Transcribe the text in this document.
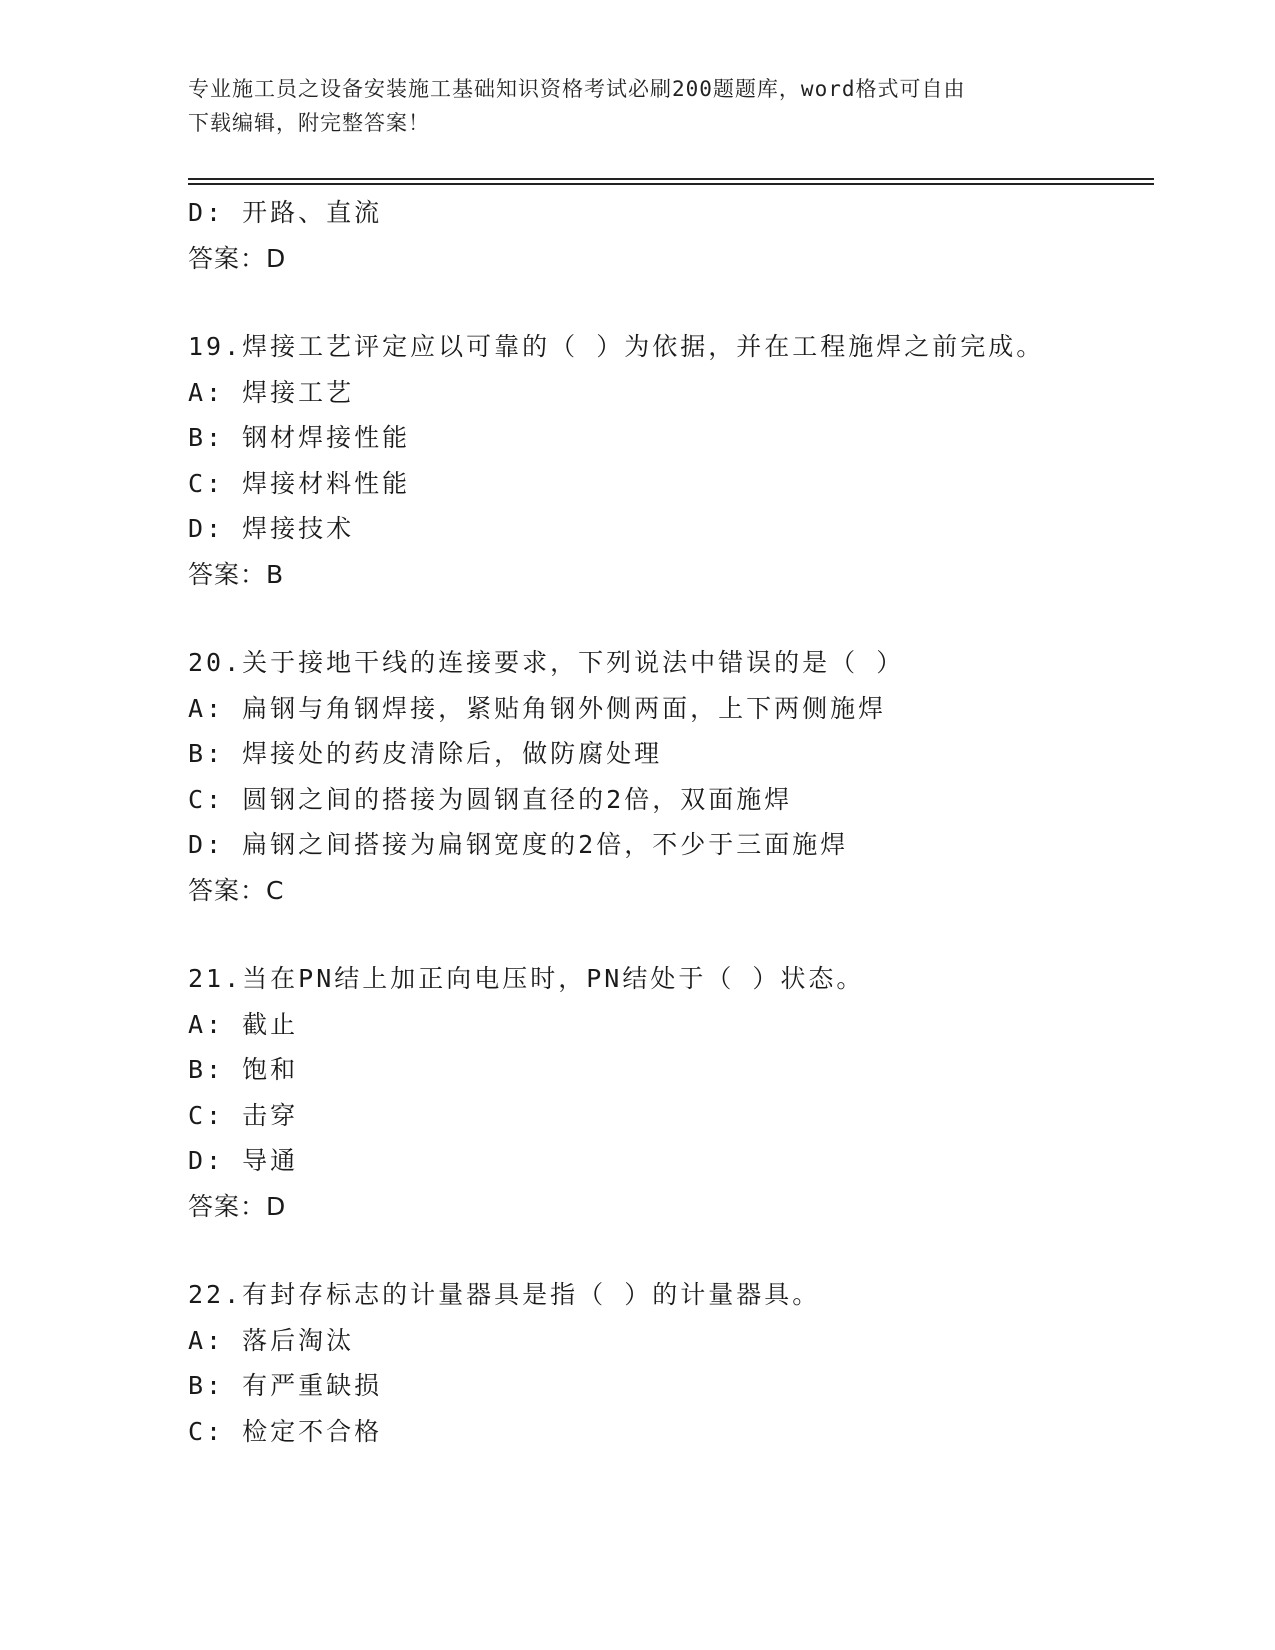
专业施工员之设备安装施工基础知识资格考试必刷200题题库，word格式可自由
下载编辑，附完整答案！
D: 开路、直流
答案：D
19.焊接工艺评定应以可靠的（ ）为依据，并在工程施焊之前完成。
A: 焊接工艺
B: 钢材焊接性能
C: 焊接材料性能
D: 焊接技术
答案：B
20.关于接地干线的连接要求，下列说法中错误的是（ ）
A: 扁钢与角钢焊接，紧贴角钢外侧两面，上下两侧施焊
B: 焊接处的药皮清除后，做防腐处理
C: 圆钢之间的搭接为圆钢直径的2倍，双面施焊
D: 扁钢之间搭接为扁钢宽度的2倍，不少于三面施焊
答案：C
21.当在PN结上加正向电压时，PN结处于（ ）状态。
A: 截止
B: 饱和
C: 击穿
D: 导通
答案：D
22.有封存标志的计量器具是指（ ）的计量器具。
A: 落后淘汰
B: 有严重缺损
C: 检定不合格
